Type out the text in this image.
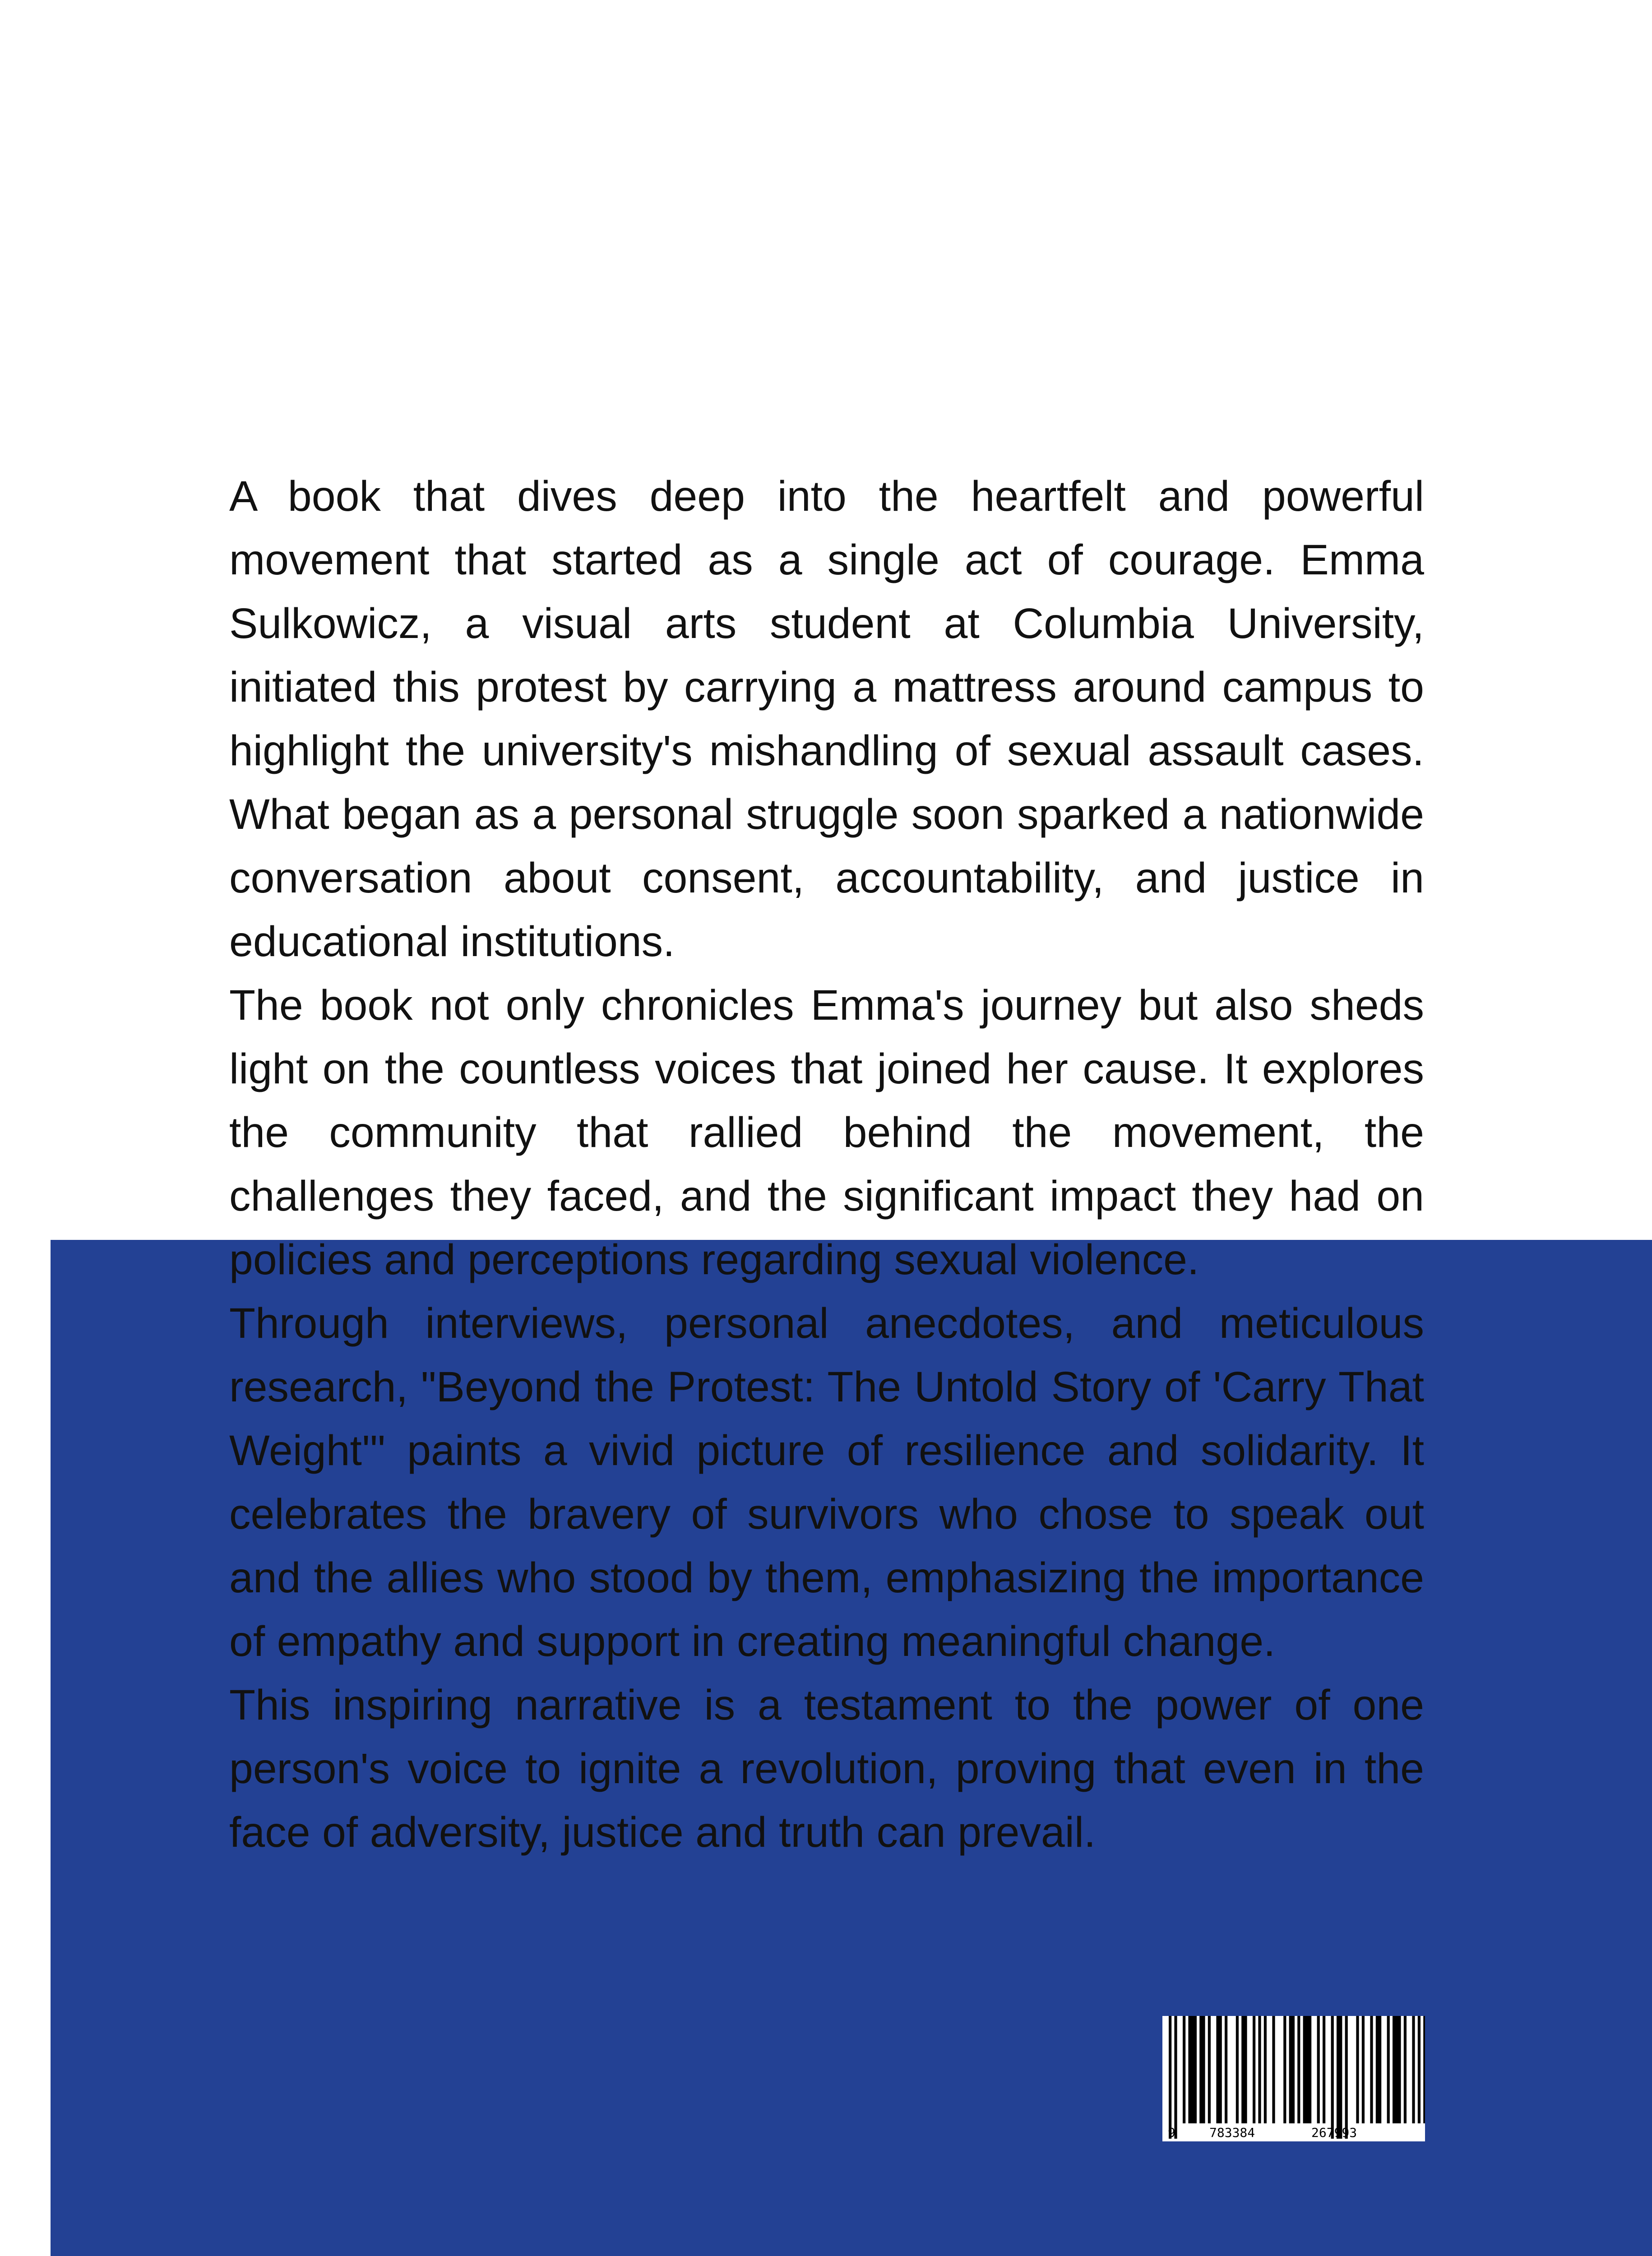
A book that dives deep into the heartfelt and powerful movement that started as a single act of courage. Emma Sulkowicz, a visual arts student at Columbia University, initiated this protest by carrying a mattress around campus to highlight the university's mishandling of sexual assault cases. What began as a personal struggle soon sparked a nationwide conversation about consent, accountability, and justice in educational institutions.

The book not only chronicles Emma's journey but also sheds light on the countless voices that joined her cause. It explores the community that rallied behind the movement, the challenges they faced, and the significant impact they had on policies and perceptions regarding sexual violence.

Through interviews, personal anecdotes, and meticulous research, "Beyond the Protest: The Untold Story of 'Carry That Weight'" paints a vivid picture of resilience and solidarity. It celebrates the bravery of survivors who chose to speak out and the allies who stood by them, emphasizing the importance of empathy and support in creating meaningful change.

This inspiring narrative is a testament to the power of one person's voice to ignite a revolution, proving that even in the face of adversity, justice and truth can prevail.

9	783384	267993
